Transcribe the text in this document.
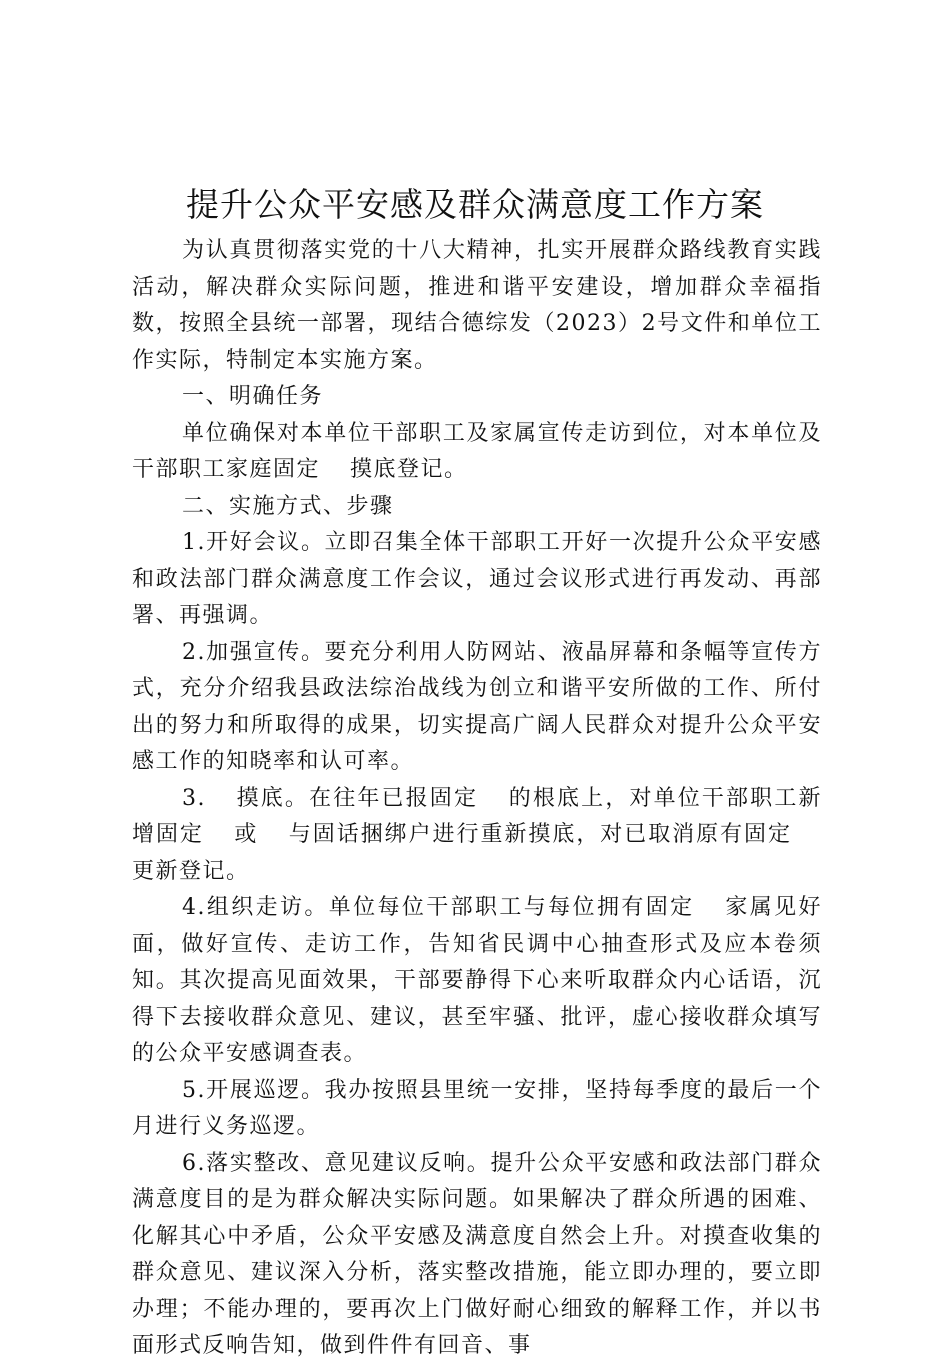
提升公众平安感及群众满意度工作方案

为认真贯彻落实党的十八大精神，扎实开展群众路线教育实践活动，解决群众实际问题，推进和谐平安建设，增加群众幸福指数，按照全县统一部署，现结合德综发（2023）2号文件和单位工作实际，特制定本实施方案。

一、明确任务

单位确保对本单位干部职工及家属宣传走访到位，对本单位及干部职工家庭固定 摸底登记。

二、实施方式、步骤

1.开好会议。立即召集全体干部职工开好一次提升公众平安感和政法部门群众满意度工作会议，通过会议形式进行再发动、再部署、再强调。

2.加强宣传。要充分利用人防网站、液晶屏幕和条幅等宣传方式，充分介绍我县政法综治战线为创立和谐平安所做的工作、所付出的努力和所取得的成果，切实提高广阔人民群众对提升公众平安感工作的知晓率和认可率。

3. 摸底。在往年已报固定 的根底上，对单位干部职工新增固定 或 与固话捆绑户进行重新摸底，对已取消原有固定更新登记。

4.组织走访。单位每位干部职工与每位拥有固定 家属见好面，做好宣传、走访工作，告知省民调中心抽查形式及应本卷须知。其次提高见面效果，干部要静得下心来听取群众内心话语，沉得下去接收群众意见、建议，甚至牢骚、批评，虚心接收群众填写的公众平安感调查表。

5.开展巡逻。我办按照县里统一安排，坚持每季度的最后一个月进行义务巡逻。

6.落实整改、意见建议反响。提升公众平安感和政法部门群众满意度目的是为群众解决实际问题。如果解决了群众所遇的困难、化解其心中矛盾，公众平安感及满意度自然会上升。对摸查收集的群众意见、建议深入分析，落实整改措施，能立即办理的，要立即办理；不能办理的，要再次上门做好耐心细致的解释工作，并以书面形式反响告知，做到件件有回音、事
